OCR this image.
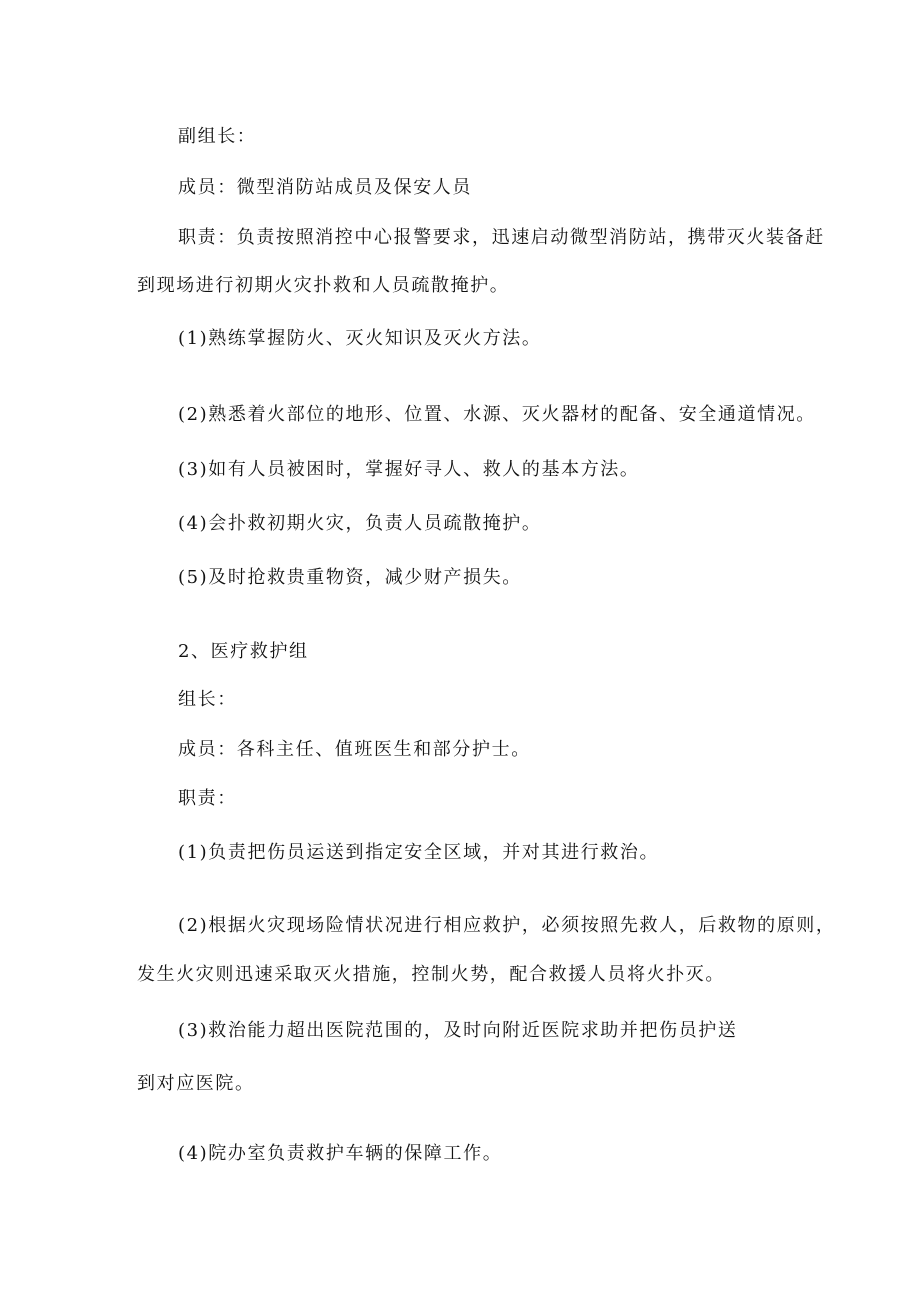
副组长：
成员：微型消防站成员及保安人员
职责：负责按照消控中心报警要求，迅速启动微型消防站，携带灭火装备赶
到现场进行初期火灾扑救和人员疏散掩护。
(1)熟练掌握防火、灭火知识及灭火方法。
(2)熟悉着火部位的地形、位置、水源、灭火器材的配备、安全通道情况。
(3)如有人员被困时，掌握好寻人、救人的基本方法。
(4)会扑救初期火灾，负责人员疏散掩护。
(5)及时抢救贵重物资，减少财产损失。
2、医疗救护组
组长：
成员：各科主任、值班医生和部分护士。
职责：
(1)负责把伤员运送到指定安全区域，并对其进行救治。
(2)根据火灾现场险情状况进行相应救护，必须按照先救人，后救物的原则，
发生火灾则迅速采取灭火措施，控制火势，配合救援人员将火扑灭。
(3)救治能力超出医院范围的，及时向附近医院求助并把伤员护送
到对应医院。
(4)院办室负责救护车辆的保障工作。
